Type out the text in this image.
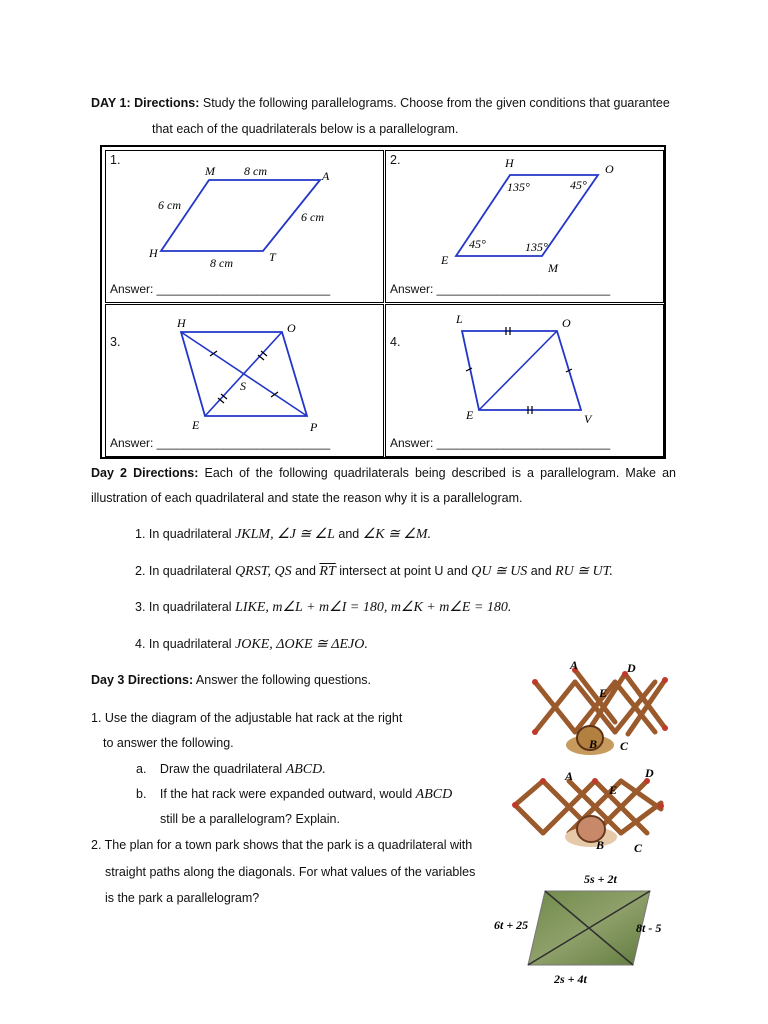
DAY 1: Directions: Study the following parallelograms. Choose from the given conditions that guarantee
that each of the quadrilaterals below is a parallelogram.
1.
M	A
H	T
8 cm
8 cm
6 cm
6 cm
Answer: __________________________
2.	H	O
E
M
135°	45°
45°	135°
Answer: __________________________
3.
H	O
E	P
S
Answer: __________________________
4.
L	O
E	V
Answer: __________________________
Day 2 Directions: Each of the following quadrilaterals being described is a parallelogram. Make an
illustration of each quadrilateral and state the reason why it is a parallelogram.
1. In quadrilateral JKLM, ∠J ≅ ∠L and ∠K ≅ ∠M.
2. In quadrilateral QRST, QS and $\overline{RT}$ intersect at point U and QU ≅ US and RU ≅ UT.
3. In quadrilateral LIKE, m∠L + m∠I = 180, m∠K + m∠E = 180.
4. In quadrilateral JOKE, ΔOKE ≅ ΔEJO.
Day 3 Directions: Answer the following questions.
1. Use the diagram of the adjustable hat rack at the right
to answer the following.
a. Draw the quadrilateral ABCD.
b. If the hat rack were expanded outward, would ABCD
still be a parallelogram? Explain.
2. The plan for a town park shows that the park is a quadrilateral with
straight paths along the diagonals. For what values of the variables
is the park a parallelogram?
A	D
E
B C
A	D
E
B C
5s + 2t
6t + 25	8t - 5
2s + 4t
